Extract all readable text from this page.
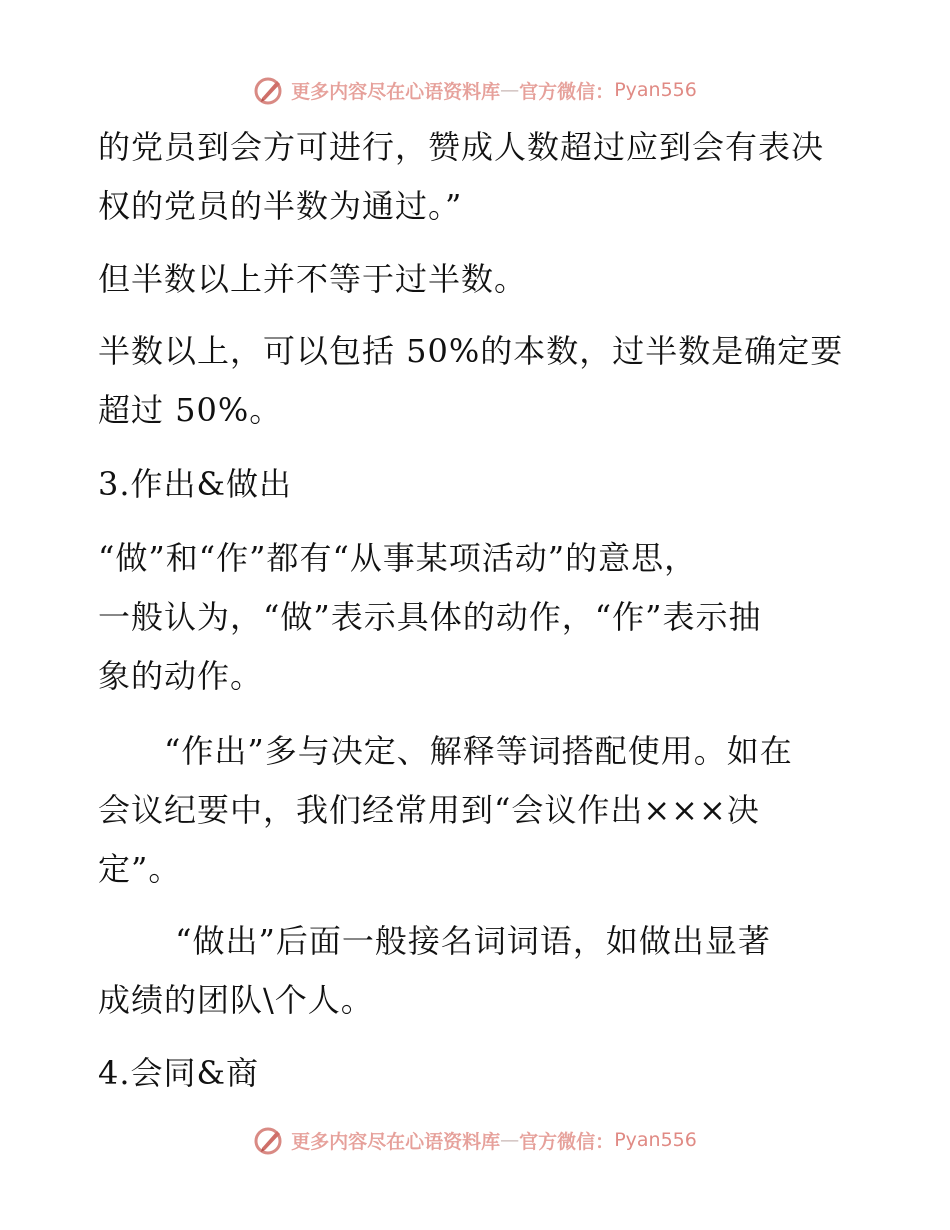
更多内容尽在心语资料库 — 官方微信： Pyan556
的党员到会方可进行，赞成人数超过应到会有表决
权的党员的半数为通过。”
但半数以上并不等于过半数。
半数以上，可以包括 50%的本数，过半数是确定要
超过 50%。
3.作出&做出
“做”和“作”都有“从事某项活动”的意思，
一般认为，“做”表示具体的动作，“作”表示抽
象的动作。
　　“作出”多与决定、解释等词搭配使用。如在
会议纪要中，我们经常用到“会议作出×××决
定”。
　　 “做出”后面一般接名词词语，如做出显著
成绩的团队\个人。
4.会同&商
更多内容尽在心语资料库 — 官方微信： Pyan556
